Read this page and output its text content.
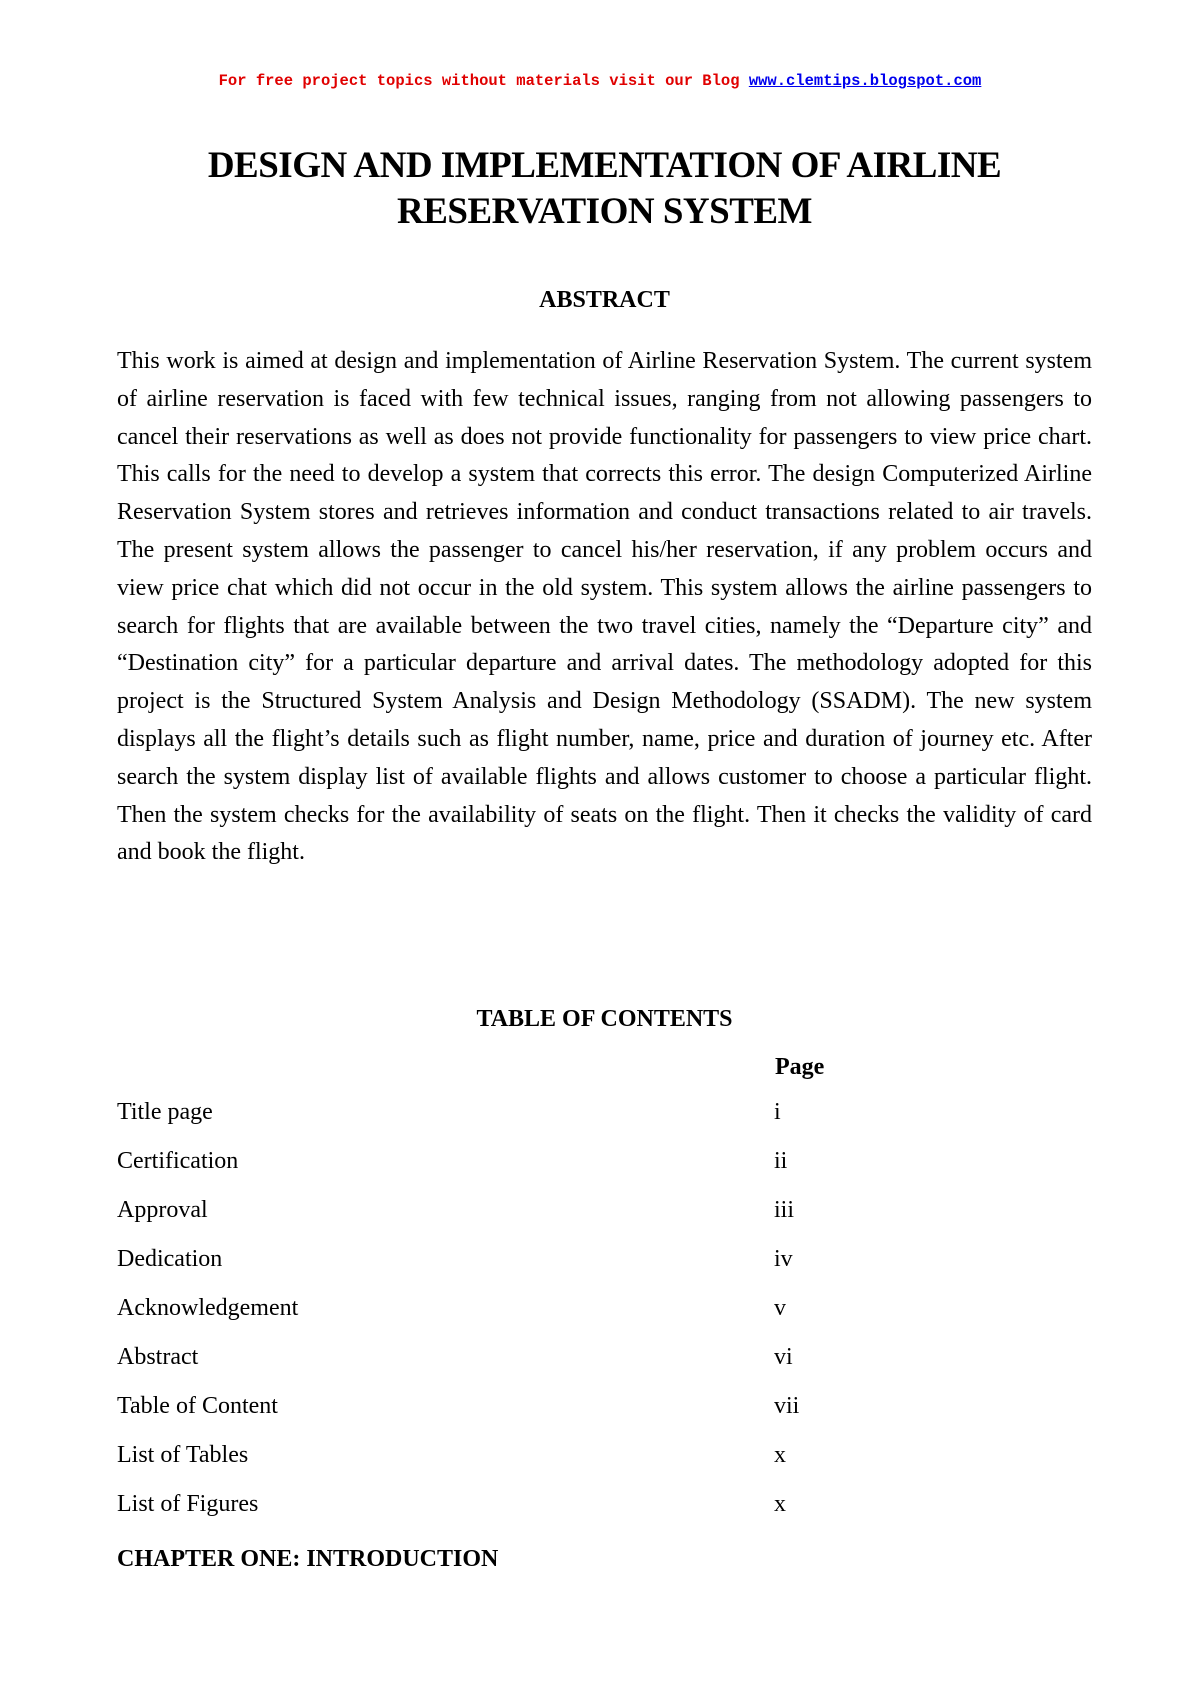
For free project topics without materials visit our Blog www.clemtips.blogspot.com
DESIGN AND IMPLEMENTATION OF AIRLINE RESERVATION SYSTEM
ABSTRACT

This work is aimed at design and implementation of Airline Reservation System. The current system of airline reservation is faced with few technical issues, ranging from not allowing passengers to cancel their reservations as well as does not provide functionality for passengers to view price chart. This calls for the need to develop a system that corrects this error. The design Computerized Airline Reservation System stores and retrieves information and conduct transactions related to air travels. The present system allows the passenger to cancel his/her reservation, if any problem occurs and view price chat which did not occur in the old system. This system allows the airline passengers to search for flights that are available between the two travel cities, namely the “Departure city” and “Destination city” for a particular departure and arrival dates. The methodology adopted for this project is the Structured System Analysis and Design Methodology (SSADM). The new system displays all the flight’s details such as flight number, name, price and duration of journey etc. After search the system display list of available flights and allows customer to choose a particular flight. Then the system checks for the availability of seats on the flight. Then it checks the validity of card and book the flight.

TABLE OF CONTENTS
Page
Title page	i
Certification	ii
Approval	iii
Dedication	iv
Acknowledgement	v
Abstract	vi
Table of Content	vii
List of Tables	x
List of Figures	x
CHAPTER ONE: INTRODUCTION
